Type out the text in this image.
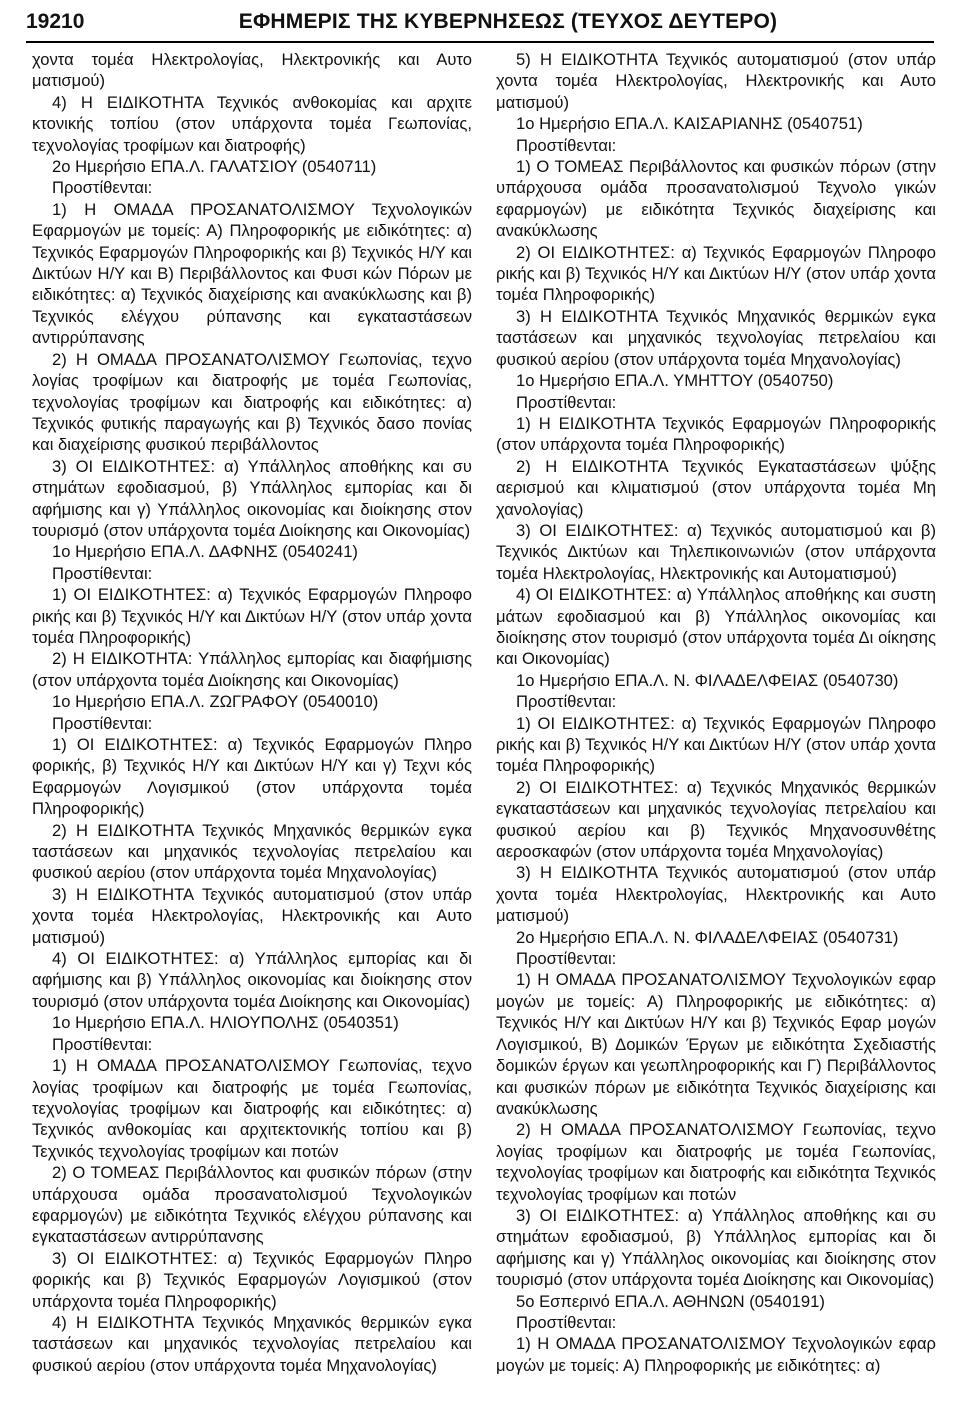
19210	ΕΦΗΜΕΡΙΣ ΤΗΣ ΚΥΒΕΡΝΗΣΕΩΣ (ΤΕΥΧΟΣ ΔΕΥΤΕΡΟ)

χοντα τομέα Ηλεκτρολογίας, Ηλεκτρονικής και Αυτο ματισμού)

4) Η ΕΙΔΙΚΟΤΗΤΑ Τεχνικός ανθοκομίας και αρχιτε κτονικής τοπίου (στον υπάρχοντα τομέα Γεωπονίας, τεχνολογίας τροφίμων και διατροφής)

2ο Ημερήσιο ΕΠΑ.Λ. ΓΑΛΑΤΣΙΟΥ (0540711)

Προστίθενται:

1) Η ΟΜΑΔΑ ΠΡΟΣΑΝΑΤΟΛΙΣΜΟΥ Τεχνολογικών Εφαρμογών με τομείς: Α) Πληροφορικής με ειδικότητες: α) Τεχνικός Εφαρμογών Πληροφορικής και β) Τεχνικός Η/Υ και Δικτύων Η/Υ και Β) Περιβάλλοντος και Φυσι κών Πόρων με ειδικότητες: α) Τεχνικός διαχείρισης και ανακύκλωσης και β) Τεχνικός ελέγχου ρύπανσης και εγκαταστάσεων αντιρρύπανσης

2) Η ΟΜΑΔΑ ΠΡΟΣΑΝΑΤΟΛΙΣΜΟΥ Γεωπονίας, τεχνο λογίας τροφίμων και διατροφής με τομέα Γεωπονίας, τεχνολογίας τροφίμων και διατροφής και ειδικότητες: α) Τεχνικός φυτικής παραγωγής και β) Τεχνικός δασο πονίας και διαχείρισης φυσικού περιβάλλοντος

3) ΟΙ ΕΙΔΙΚΟΤΗΤΕΣ: α) Υπάλληλος αποθήκης και συ στημάτων εφοδιασμού, β) Υπάλληλος εμπορίας και δι αφήμισης και γ) Υπάλληλος οικονομίας και διοίκησης στον τουρισμό (στον υπάρχοντα τομέα Διοίκησης και Οικονομίας)

1ο Ημερήσιο ΕΠΑ.Λ. ΔΑΦΝΗΣ (0540241)

Προστίθενται:

1) ΟΙ ΕΙΔΙΚΟΤΗΤΕΣ: α) Τεχνικός Εφαρμογών Πληροφο ρικής και β) Τεχνικός Η/Υ και Δικτύων Η/Υ (στον υπάρ χοντα τομέα Πληροφορικής)

2) Η ΕΙΔΙΚΟΤΗΤΑ: Υπάλληλος εμπορίας και διαφήμισης (στον υπάρχοντα τομέα Διοίκησης και Οικονομίας)

1ο Ημερήσιο ΕΠΑ.Λ. ΖΩΓΡΑΦΟΥ (0540010)

Προστίθενται:

1) ΟΙ ΕΙΔΙΚΟΤΗΤΕΣ: α) Τεχνικός Εφαρμογών Πληρο φορικής, β) Τεχνικός Η/Υ και Δικτύων Η/Υ και γ) Τεχνι κός Εφαρμογών Λογισμικού (στον υπάρχοντα τομέα Πληροφορικής)

2) Η ΕΙΔΙΚΟΤΗΤΑ Τεχνικός Μηχανικός θερμικών εγκα ταστάσεων και μηχανικός τεχνολογίας πετρελαίου και φυσικού αερίου (στον υπάρχοντα τομέα Μηχανολογίας)

3) Η ΕΙΔΙΚΟΤΗΤΑ Τεχνικός αυτοματισμού (στον υπάρ χοντα τομέα Ηλεκτρολογίας, Ηλεκτρονικής και Αυτο ματισμού)

4) ΟΙ ΕΙΔΙΚΟΤΗΤΕΣ: α) Υπάλληλος εμπορίας και δι αφήμισης και β) Υπάλληλος οικονομίας και διοίκησης στον τουρισμό (στον υπάρχοντα τομέα Διοίκησης και Οικονομίας)

1ο Ημερήσιο ΕΠΑ.Λ. ΗΛΙΟΥΠΟΛΗΣ (0540351)

Προστίθενται:

1) Η ΟΜΑΔΑ ΠΡΟΣΑΝΑΤΟΛΙΣΜΟΥ Γεωπονίας, τεχνο λογίας τροφίμων και διατροφής με τομέα Γεωπονίας, τεχνολογίας τροφίμων και διατροφής και ειδικότητες: α) Τεχνικός ανθοκομίας και αρχιτεκτονικής τοπίου και β) Τεχνικός τεχνολογίας τροφίμων και ποτών

2) Ο ΤΟΜΕΑΣ Περιβάλλοντος και φυσικών πόρων (στην υπάρχουσα ομάδα προσανατολισμού Τεχνολογικών εφαρμογών) με ειδικότητα Τεχνικός ελέγχου ρύπανσης και εγκαταστάσεων αντιρρύπανσης

3) ΟΙ ΕΙΔΙΚΟΤΗΤΕΣ: α) Τεχνικός Εφαρμογών Πληρο φορικής και β) Τεχνικός Εφαρμογών Λογισμικού (στον υπάρχοντα τομέα Πληροφορικής)

4) Η ΕΙΔΙΚΟΤΗΤΑ Τεχνικός Μηχανικός θερμικών εγκα ταστάσεων και μηχανικός τεχνολογίας πετρελαίου και φυσικού αερίου (στον υπάρχοντα τομέα Μηχανολογίας)

5) Η ΕΙΔΙΚΟΤΗΤΑ Τεχνικός αυτοματισμού (στον υπάρ χοντα τομέα Ηλεκτρολογίας, Ηλεκτρονικής και Αυτο ματισμού)

1ο Ημερήσιο ΕΠΑ.Λ. ΚΑΙΣΑΡΙΑΝΗΣ (0540751)

Προστίθενται:

1) Ο ΤΟΜΕΑΣ Περιβάλλοντος και φυσικών πόρων (στην υπάρχουσα ομάδα προσανατολισμού Τεχνολο γικών εφαρμογών) με ειδικότητα Τεχνικός διαχείρισης και ανακύκλωσης

2) ΟΙ ΕΙΔΙΚΟΤΗΤΕΣ: α) Τεχνικός Εφαρμογών Πληροφο ρικής και β) Τεχνικός Η/Υ και Δικτύων Η/Υ (στον υπάρ χοντα τομέα Πληροφορικής)

3) Η ΕΙΔΙΚΟΤΗΤΑ Τεχνικός Μηχανικός θερμικών εγκα ταστάσεων και μηχανικός τεχνολογίας πετρελαίου και φυσικού αερίου (στον υπάρχοντα τομέα Μηχανολογίας)

1ο Ημερήσιο ΕΠΑ.Λ. ΥΜΗΤΤΟΥ (0540750)

Προστίθενται:

1) Η ΕΙΔΙΚΟΤΗΤΑ Τεχνικός Εφαρμογών Πληροφορικής (στον υπάρχοντα τομέα Πληροφορικής)

2) Η ΕΙΔΙΚΟΤΗΤΑ Τεχνικός Εγκαταστάσεων ψύξης αερισμού και κλιματισμού (στον υπάρχοντα τομέα Μη χανολογίας)

3) ΟΙ ΕΙΔΙΚΟΤΗΤΕΣ: α) Τεχνικός αυτοματισμού και β) Τεχνικός Δικτύων και Τηλεπικοινωνιών (στον υπάρχοντα τομέα Ηλεκτρολογίας, Ηλεκτρονικής και Αυτοματισμού)

4) ΟΙ ΕΙΔΙΚΟΤΗΤΕΣ: α) Υπάλληλος αποθήκης και συστη μάτων εφοδιασμού και β) Υπάλληλος οικονομίας και διοίκησης στον τουρισμό (στον υπάρχοντα τομέα Δι οίκησης και Οικονομίας)

1ο Ημερήσιο ΕΠΑ.Λ. Ν. ΦΙΛΑΔΕΛΦΕΙΑΣ (0540730)

Προστίθενται:

1) ΟΙ ΕΙΔΙΚΟΤΗΤΕΣ: α) Τεχνικός Εφαρμογών Πληροφο ρικής και β) Τεχνικός Η/Υ και Δικτύων Η/Υ (στον υπάρ χοντα τομέα Πληροφορικής)

2) ΟΙ ΕΙΔΙΚΟΤΗΤΕΣ: α) Τεχνικός Μηχανικός θερμικών εγκαταστάσεων και μηχανικός τεχνολογίας πετρελαίου και φυσικού αερίου και β) Τεχνικός Μηχανοσυνθέτης αεροσκαφών (στον υπάρχοντα τομέα Μηχανολογίας)

3) Η ΕΙΔΙΚΟΤΗΤΑ Τεχνικός αυτοματισμού (στον υπάρ χοντα τομέα Ηλεκτρολογίας, Ηλεκτρονικής και Αυτο ματισμού)

2ο Ημερήσιο ΕΠΑ.Λ. Ν. ΦΙΛΑΔΕΛΦΕΙΑΣ (0540731)

Προστίθενται:

1) Η ΟΜΑΔΑ ΠΡΟΣΑΝΑΤΟΛΙΣΜΟΥ Τεχνολογικών εφαρ μογών με τομείς: Α) Πληροφορικής με ειδικότητες: α) Τεχνικός Η/Υ και Δικτύων Η/Υ και β) Τεχνικός Εφαρ μογών Λογισμικού, Β) Δομικών Έργων με ειδικότητα Σχεδιαστής δομικών έργων και γεωπληροφορικής και Γ) Περιβάλλοντος και φυσικών πόρων με ειδικότητα Τεχνικός διαχείρισης και ανακύκλωσης

2) Η ΟΜΑΔΑ ΠΡΟΣΑΝΑΤΟΛΙΣΜΟΥ Γεωπονίας, τεχνο λογίας τροφίμων και διατροφής με τομέα Γεωπονίας, τεχνολογίας τροφίμων και διατροφής και ειδικότητα Τεχνικός τεχνολογίας τροφίμων και ποτών

3) ΟΙ ΕΙΔΙΚΟΤΗΤΕΣ: α) Υπάλληλος αποθήκης και συ στημάτων εφοδιασμού, β) Υπάλληλος εμπορίας και δι αφήμισης και γ) Υπάλληλος οικονομίας και διοίκησης στον τουρισμό (στον υπάρχοντα τομέα Διοίκησης και Οικονομίας)

5ο Εσπερινό ΕΠΑ.Λ. ΑΘΗΝΩΝ (0540191)

Προστίθενται:

1) Η ΟΜΑΔΑ ΠΡΟΣΑΝΑΤΟΛΙΣΜΟΥ Τεχνολογικών εφαρ μογών με τομείς: Α) Πληροφορικής με ειδικότητες: α)
